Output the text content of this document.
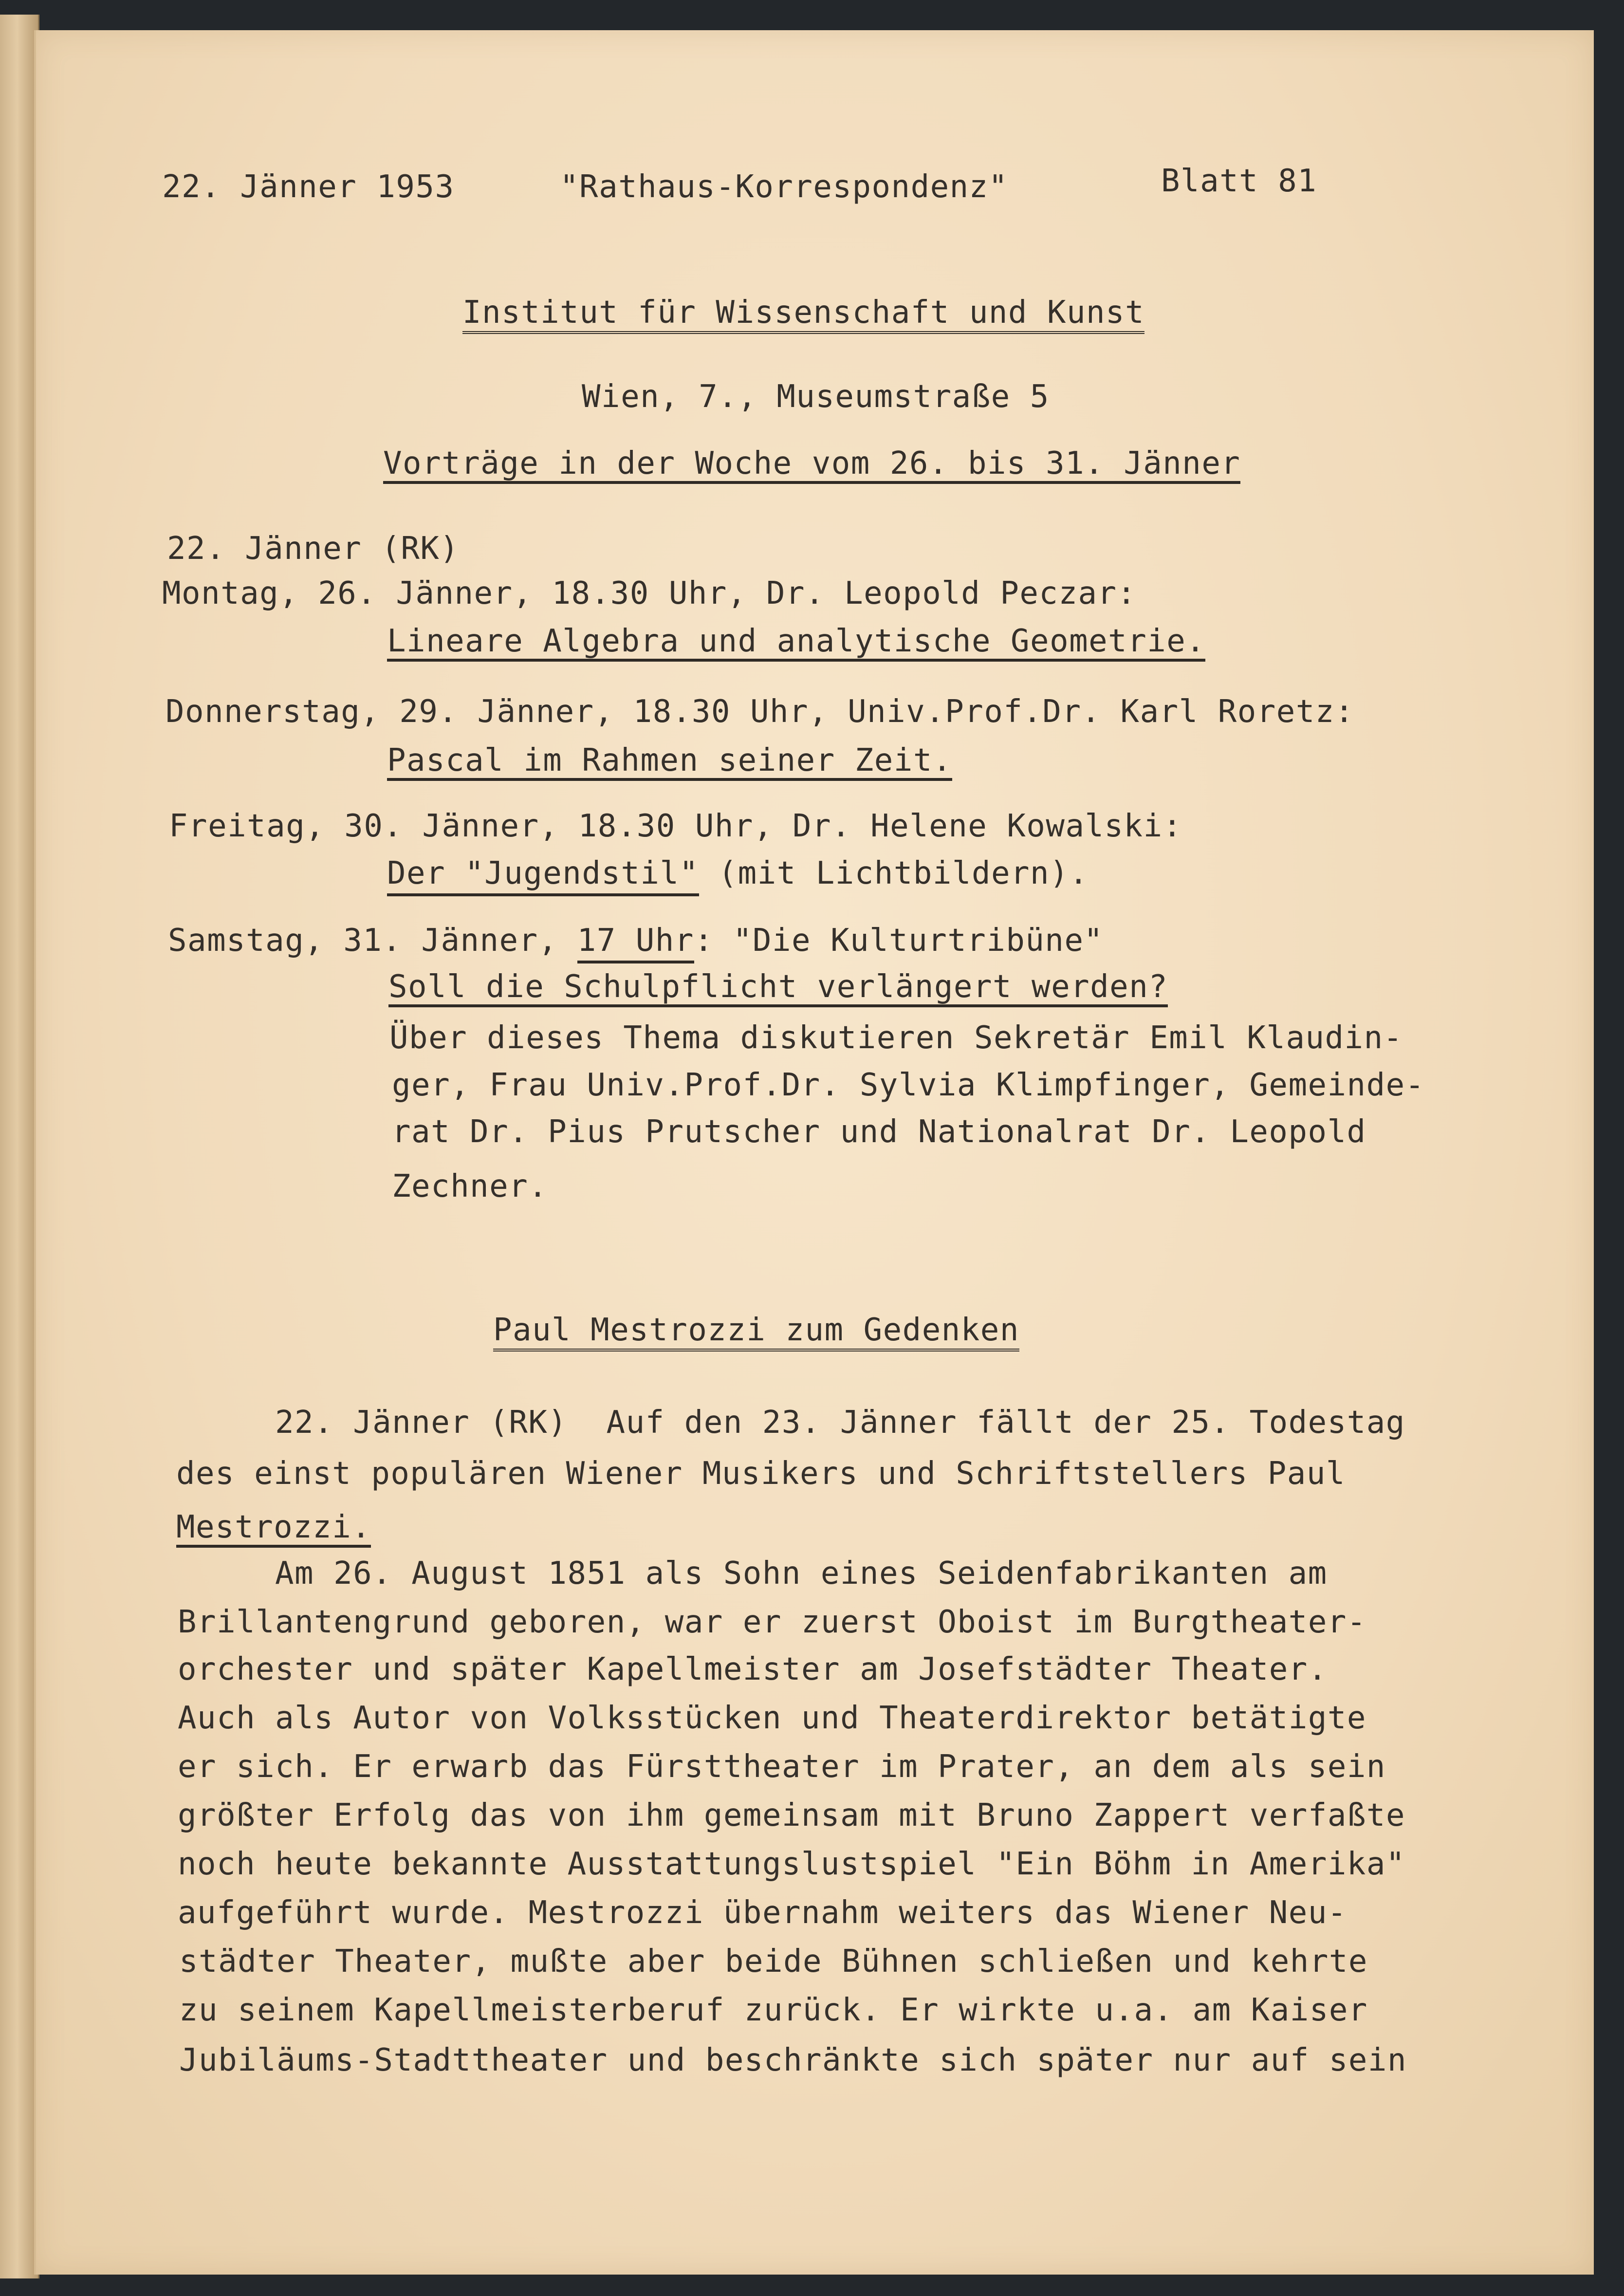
22. Jänner 1953	"Rathaus-Korrespondenz"	Blatt 81
Institut für Wissenschaft und Kunst
Wien, 7., Museumstraße 5
Vorträge in der Woche vom 26. bis 31. Jänner
22. Jänner (RK)
Montag, 26. Jänner, 18.30 Uhr, Dr. Leopold Peczar:
Lineare Algebra und analytische Geometrie.
Donnerstag, 29. Jänner, 18.30 Uhr, Univ.Prof.Dr. Karl Roretz:
Pascal im Rahmen seiner Zeit.
Freitag, 30. Jänner, 18.30 Uhr, Dr. Helene Kowalski:
Der "Jugendstil" (mit Lichtbildern).
Samstag, 31. Jänner, 17 Uhr: "Die Kulturtribüne"
Soll die Schulpflicht verlängert werden?
Über dieses Thema diskutieren Sekretär Emil Klaudin-
ger, Frau Univ.Prof.Dr. Sylvia Klimpfinger, Gemeinde-
rat Dr. Pius Prutscher und Nationalrat Dr. Leopold
Zechner.
Paul Mestrozzi zum Gedenken
22. Jänner (RK)  Auf den 23. Jänner fällt der 25. Todestag
des einst populären Wiener Musikers und Schriftstellers Paul
Mestrozzi.
Am 26. August 1851 als Sohn eines Seidenfabrikanten am
Brillantengrund geboren, war er zuerst Oboist im Burgtheater-
orchester und später Kapellmeister am Josefstädter Theater.
Auch als Autor von Volksstücken und Theaterdirektor betätigte
er sich. Er erwarb das Fürsttheater im Prater, an dem als sein
größter Erfolg das von ihm gemeinsam mit Bruno Zappert verfaßte
noch heute bekannte Ausstattungslustspiel "Ein Böhm in Amerika"
aufgeführt wurde. Mestrozzi übernahm weiters das Wiener Neu-
städter Theater, mußte aber beide Bühnen schließen und kehrte
zu seinem Kapellmeisterberuf zurück. Er wirkte u.a. am Kaiser
Jubiläums-Stadttheater und beschränkte sich später nur auf sein
